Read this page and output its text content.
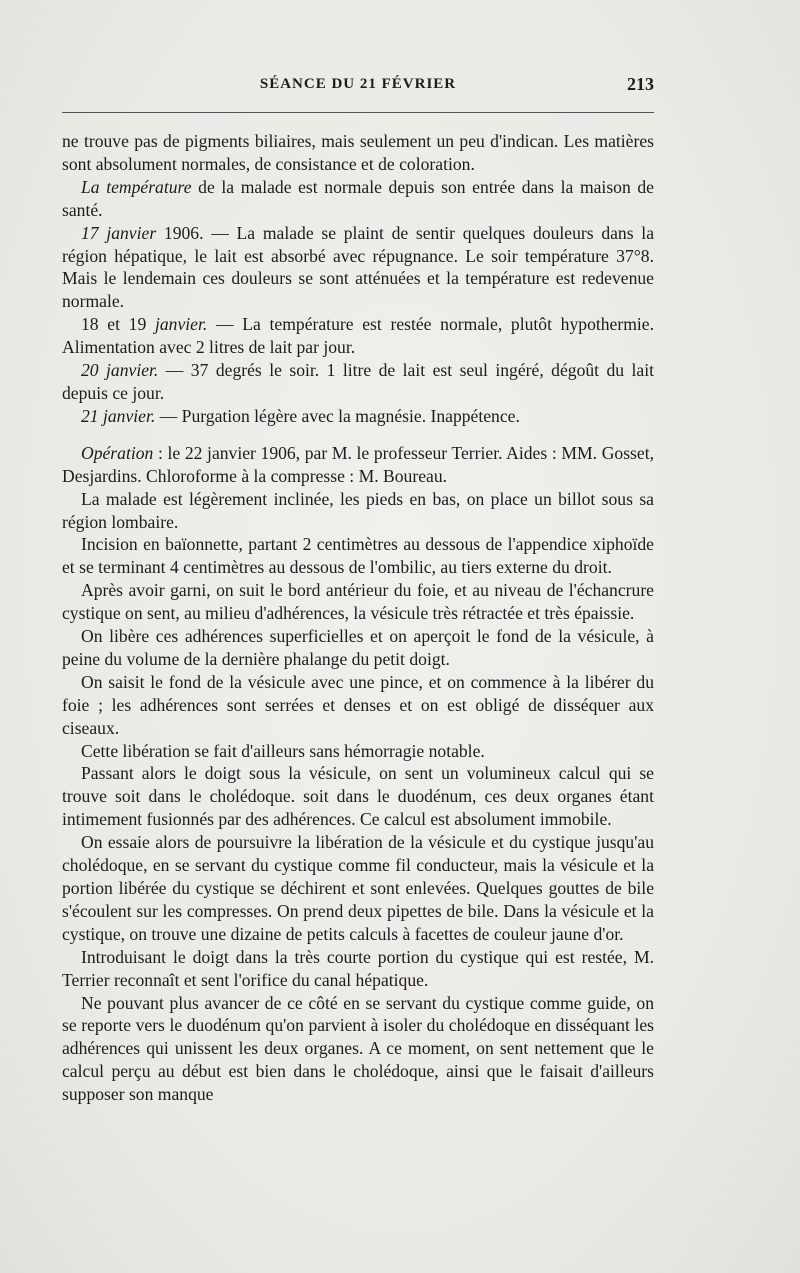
SÉANCE DU 21 FÉVRIER	213

ne trouve pas de pigments biliaires, mais seulement un peu d'indican. Les matières sont absolument normales, de consistance et de coloration.

La température de la malade est normale depuis son entrée dans la maison de santé.

17 janvier 1906. — La malade se plaint de sentir quelques douleurs dans la région hépatique, le lait est absorbé avec répugnance. Le soir température 37°8. Mais le lendemain ces douleurs se sont atténuées et la température est redevenue normale.

18 et 19 janvier. — La température est restée normale, plutôt hypothermie. Alimentation avec 2 litres de lait par jour.

20 janvier. — 37 degrés le soir. 1 litre de lait est seul ingéré, dégoût du lait depuis ce jour.

21 janvier. — Purgation légère avec la magnésie. Inappétence.

Opération : le 22 janvier 1906, par M. le professeur Terrier. Aides : MM. Gosset, Desjardins. Chloroforme à la compresse : M. Boureau.

La malade est légèrement inclinée, les pieds en bas, on place un billot sous sa région lombaire.

Incision en baïonnette, partant 2 centimètres au dessous de l'appendice xiphoïde et se terminant 4 centimètres au dessous de l'ombilic, au tiers externe du droit.

Après avoir garni, on suit le bord antérieur du foie, et au niveau de l'échancrure cystique on sent, au milieu d'adhérences, la vésicule très rétractée et très épaissie.

On libère ces adhérences superficielles et on aperçoit le fond de la vésicule, à peine du volume de la dernière phalange du petit doigt.

On saisit le fond de la vésicule avec une pince, et on commence à la libérer du foie ; les adhérences sont serrées et denses et on est obligé de disséquer aux ciseaux.

Cette libération se fait d'ailleurs sans hémorragie notable.

Passant alors le doigt sous la vésicule, on sent un volumineux calcul qui se trouve soit dans le cholédoque. soit dans le duodénum, ces deux organes étant intimement fusionnés par des adhérences. Ce calcul est absolument immobile.

On essaie alors de poursuivre la libération de la vésicule et du cystique jusqu'au cholédoque, en se servant du cystique comme fil conducteur, mais la vésicule et la portion libérée du cystique se déchirent et sont enlevées. Quelques gouttes de bile s'écoulent sur les compresses. On prend deux pipettes de bile. Dans la vésicule et la cystique, on trouve une dizaine de petits calculs à facettes de couleur jaune d'or.

Introduisant le doigt dans la très courte portion du cystique qui est restée, M. Terrier reconnaît et sent l'orifice du canal hépatique.

Ne pouvant plus avancer de ce côté en se servant du cystique comme guide, on se reporte vers le duodénum qu'on parvient à isoler du cholédoque en disséquant les adhérences qui unissent les deux organes. A ce moment, on sent nettement que le calcul perçu au début est bien dans le cholédoque, ainsi que le faisait d'ailleurs supposer son manque
